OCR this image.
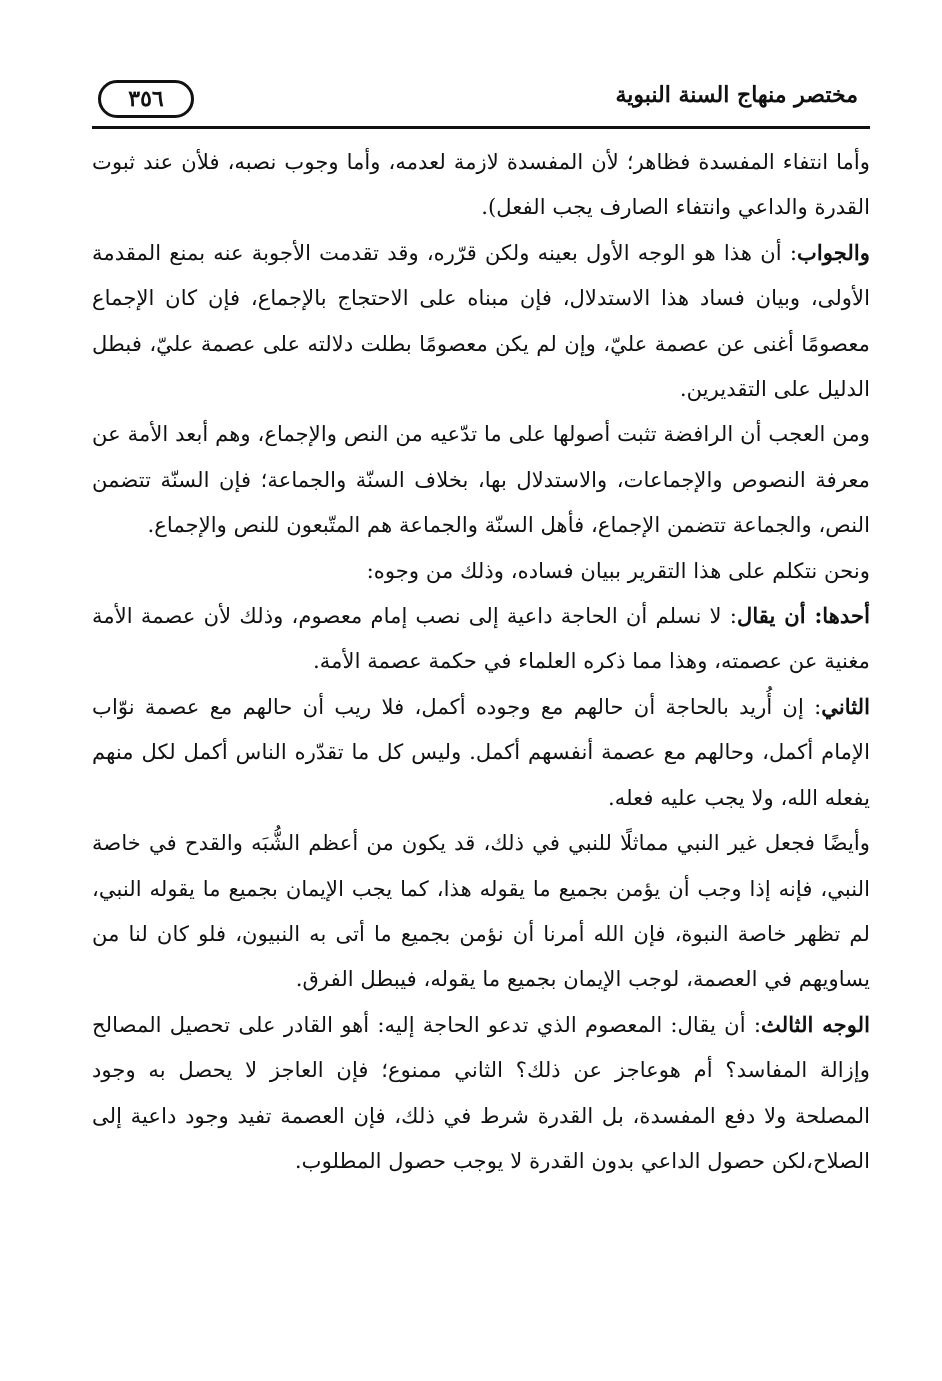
مختصر منهاج السنة النبوية
٣٥٦

وأما انتفاء المفسدة فظاهر؛ لأن المفسدة لازمة لعدمه، وأما وجوب نصبه، فلأن عند ثبوت القدرة والداعي وانتفاء الصارف يجب الفعل).

والجواب: أن هذا هو الوجه الأول بعينه ولكن قرّره، وقد تقدمت الأجوبة عنه بمنع المقدمة الأولى، وبيان فساد هذا الاستدلال، فإن مبناه على الاحتجاج بالإجماع، فإن كان الإجماع معصومًا أغنى عن عصمة عليّ، وإن لم يكن معصومًا بطلت دلالته على عصمة عليّ، فبطل الدليل على التقديرين.

ومن العجب أن الرافضة تثبت أصولها على ما تدّعيه من النص والإجماع، وهم أبعد الأمة عن معرفة النصوص والإجماعات، والاستدلال بها، بخلاف السنّة والجماعة؛ فإن السنّة تتضمن النص، والجماعة تتضمن الإجماع، فأهل السنّة والجماعة هم المتّبعون للنص والإجماع.

ونحن نتكلم على هذا التقرير ببيان فساده، وذلك من وجوه:

أحدها: أن يقال: لا نسلم أن الحاجة داعية إلى نصب إمام معصوم، وذلك لأن عصمة الأمة مغنية عن عصمته، وهذا مما ذكره العلماء في حكمة عصمة الأمة.

الثاني: إن أُريد بالحاجة أن حالهم مع وجوده أكمل، فلا ريب أن حالهم مع عصمة نوّاب الإمام أكمل، وحالهم مع عصمة أنفسهم أكمل. وليس كل ما تقدّره الناس أكمل لكل منهم يفعله الله، ولا يجب عليه فعله.

وأيضًا فجعل غير النبي مماثلًا للنبي في ذلك، قد يكون من أعظم الشُّبَه والقدح في خاصة النبي، فإنه إذا وجب أن يؤمن بجميع ما يقوله هذا، كما يجب الإيمان بجميع ما يقوله النبي، لم تظهر خاصة النبوة، فإن الله أمرنا أن نؤمن بجميع ما أتى به النبيون، فلو كان لنا من يساويهم في العصمة، لوجب الإيمان بجميع ما يقوله، فيبطل الفرق.

الوجه الثالث: أن يقال: المعصوم الذي تدعو الحاجة إليه: أهو القادر على تحصيل المصالح وإزالة المفاسد؟ أم هوعاجز عن ذلك؟ الثاني ممنوع؛ فإن العاجز لا يحصل به وجود المصلحة ولا دفع المفسدة، بل القدرة شرط في ذلك، فإن العصمة تفيد وجود داعية إلى الصلاح،لكن حصول الداعي بدون القدرة لا يوجب حصول المطلوب.
